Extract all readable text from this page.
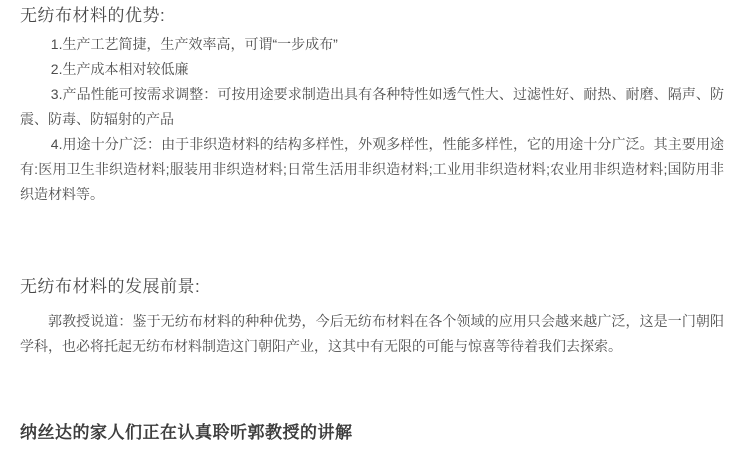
无纺布材料的优势:

1.生产工艺简捷，生产效率高，可谓“一步成布”

2.生产成本相对较低廉

3.产品性能可按需求调整：可按用途要求制造出具有各种特性如透气性大、过滤性好、耐热、耐磨、隔声、防震、防毒、防辐射的产品

4.用途十分广泛：由于非织造材料的结构多样性，外观多样性，性能多样性，它的用途十分广泛。其主要用途有:医用卫生非织造材料;服装用非织造材料;日常生活用非织造材料;工业用非织造材料;农业用非织造材料;国防用非织造材料等。

无纺布材料的发展前景:

郭教授说道：鉴于无纺布材料的种种优势，今后无纺布材料在各个领域的应用只会越来越广泛，这是一门朝阳学科，也必将托起无纺布材料制造这门朝阳产业，这其中有无限的可能与惊喜等待着我们去探索。

纳丝达的家人们正在认真聆听郭教授的讲解
